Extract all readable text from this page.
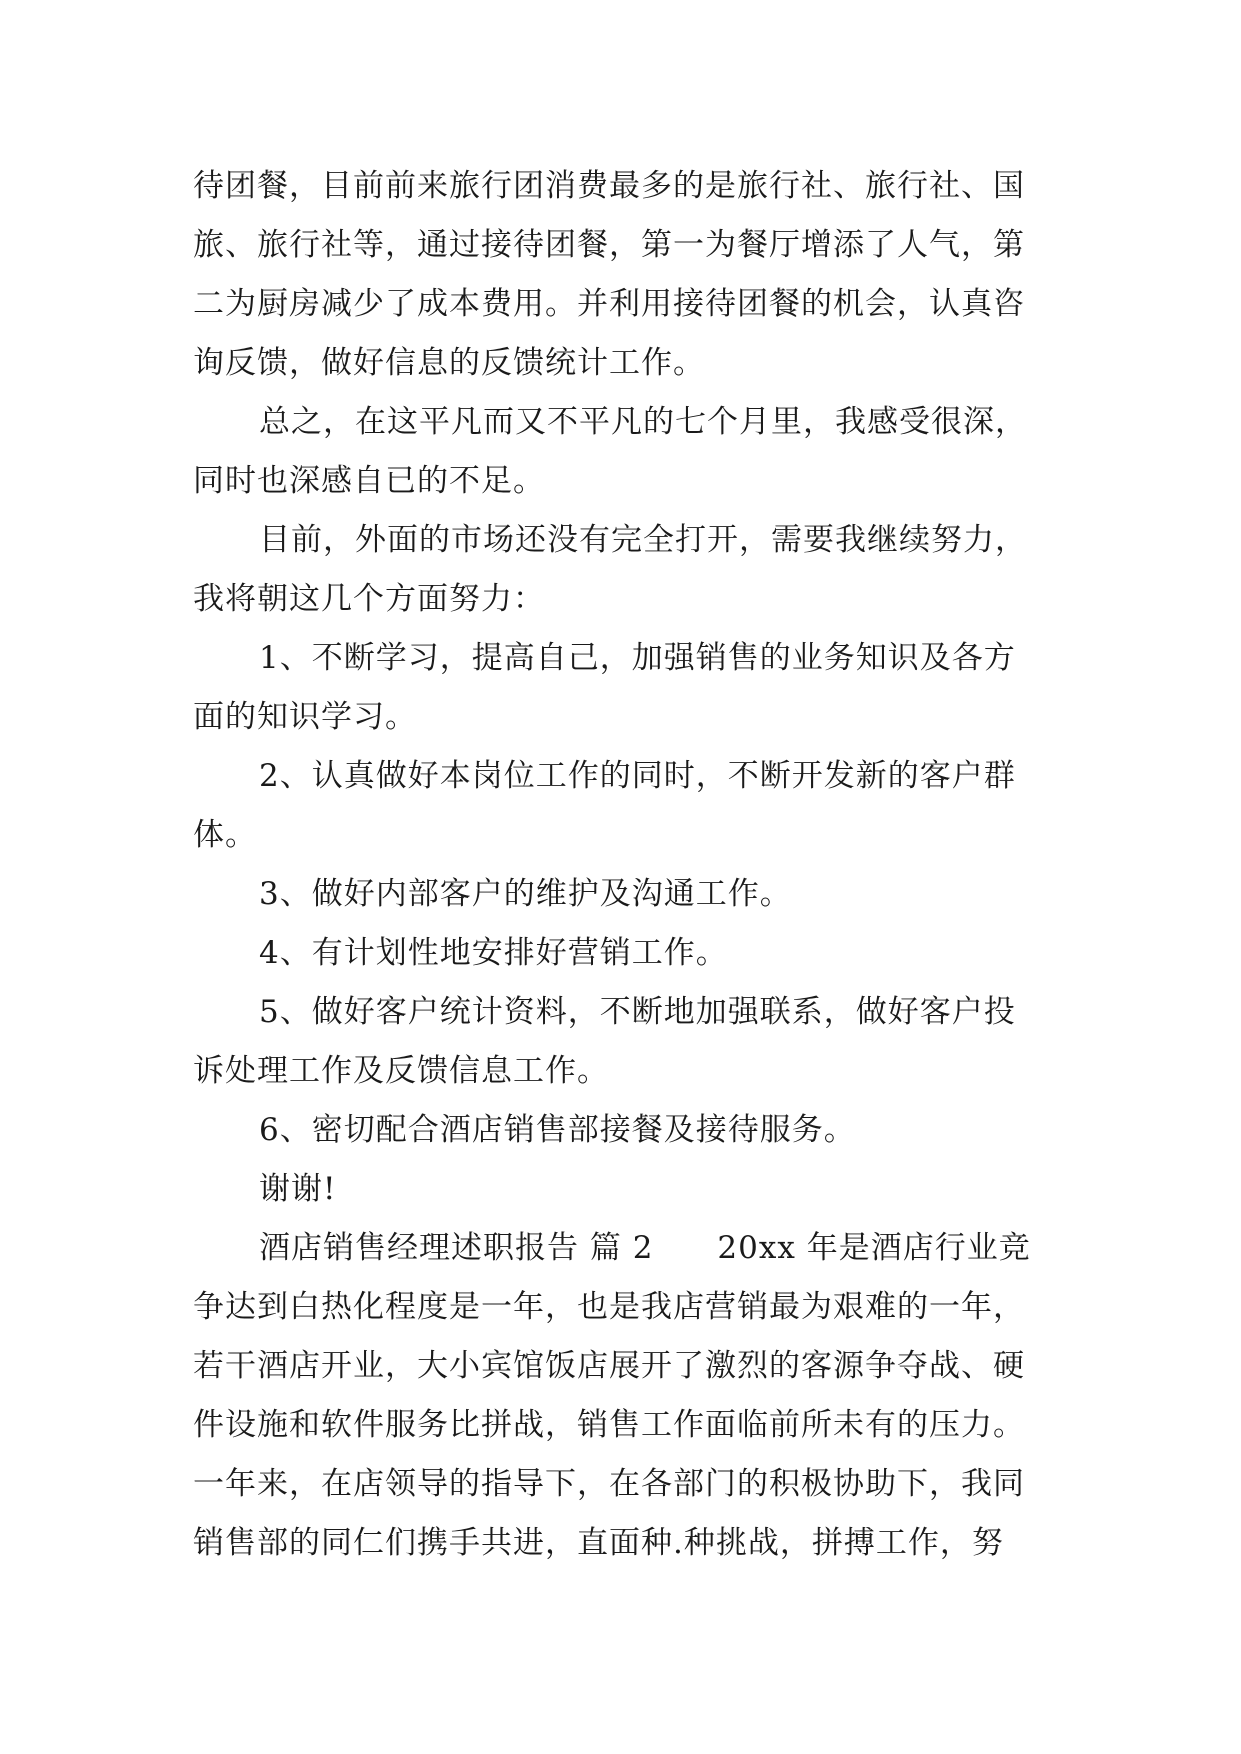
待团餐，目前前来旅行团消费最多的是旅行社、旅行社、国
旅、旅行社等，通过接待团餐，第一为餐厅增添了人气，第
二为厨房减少了成本费用。并利用接待团餐的机会，认真咨
询反馈，做好信息的反馈统计工作。
总之，在这平凡而又不平凡的七个月里，我感受很深，
同时也深感自已的不足。
目前，外面的市场还没有完全打开，需要我继续努力，
我将朝这几个方面努力：
1、不断学习，提高自己，加强销售的业务知识及各方
面的知识学习。
2、认真做好本岗位工作的同时，不断开发新的客户群
体。
3、做好内部客户的维护及沟通工作。
4、有计划性地安排好营销工作。
5、做好客户统计资料，不断地加强联系，做好客户投
诉处理工作及反馈信息工作。
6、密切配合酒店销售部接餐及接待服务。
谢谢!
酒店销售经理述职报告 篇 2　　20xx 年是酒店行业竞
争达到白热化程度是一年，也是我店营销最为艰难的一年，
若干酒店开业，大小宾馆饭店展开了激烈的客源争夺战、硬
件设施和软件服务比拼战，销售工作面临前所未有的压力。
一年来，在店领导的指导下，在各部门的积极协助下，我同
销售部的同仁们携手共进，直面种.种挑战，拼搏工作，努
